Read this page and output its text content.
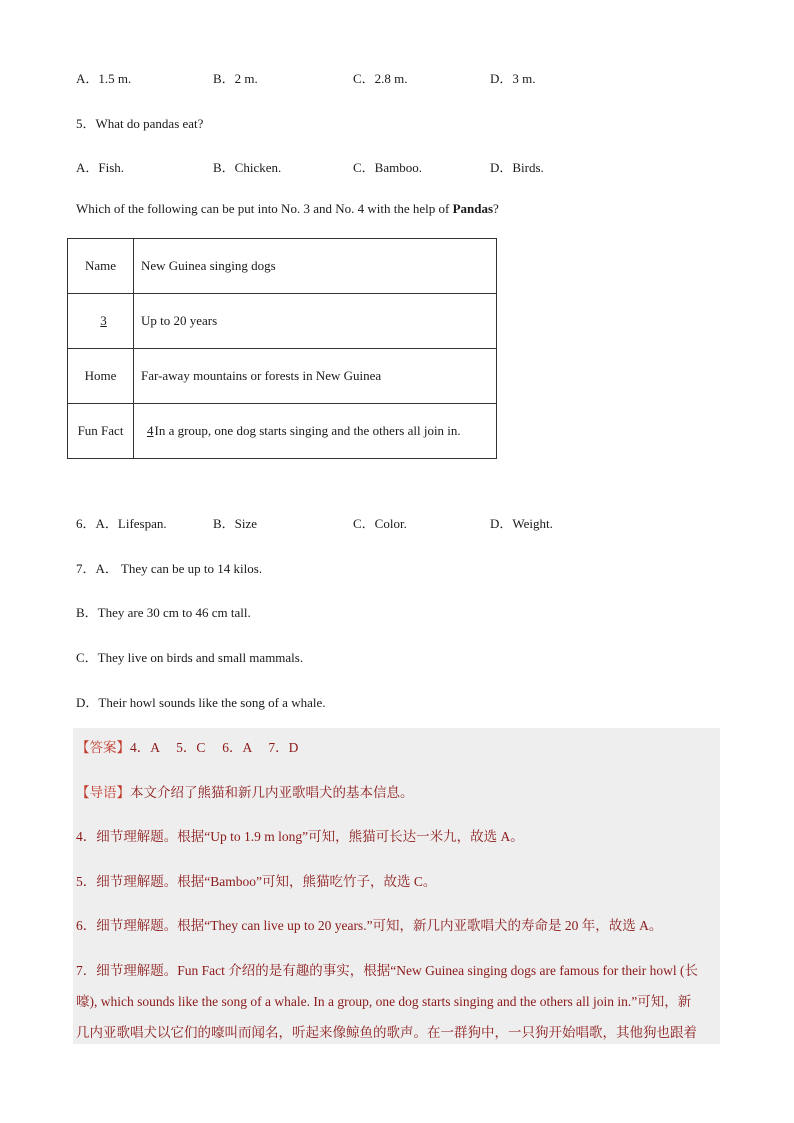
A．1.5 m.	B．2 m.	C．2.8 m.	D．3 m.
5．What do pandas eat?
A．Fish.	B．Chicken.	C．Bamboo.	D．Birds.
Which of the following can be put into No. 3 and No. 4 with the help of Pandas?
Name	New Guinea singing dogs
3	Up to 20 years
Home	Far-away mountains or forests in New Guinea
Fun Fact	4In a group, one dog starts singing and the others all join in.
6．A．Lifespan.	B．Size	C．Color.	D．Weight.
7．A． They can be up to 14 kilos.
B．They are 30 cm to 46 cm tall.
C．They live on birds and small mammals.
D．Their howl sounds like the song of a whale.
【答案】4．A　 5．C　 6．A　 7．D
【导语】本文介绍了熊猫和新几内亚歌唱犬的基本信息。
4．细节理解题。根据“Up to 1.9 m long”可知，熊猫可长达一米九，故选 A。
5．细节理解题。根据“Bamboo”可知，熊猫吃竹子，故选 C。
6．细节理解题。根据“They can live up to 20 years.”可知，新几内亚歌唱犬的寿命是 20 年，故选 A。
7．细节理解题。Fun Fact 介绍的是有趣的事实，根据“New Guinea singing dogs are famous for their howl (长
嚎), which sounds like the song of a whale. In a group, one dog starts singing and the others all join in.”可知，新
几内亚歌唱犬以它们的嚎叫而闻名，听起来像鲸鱼的歌声。在一群狗中，一只狗开始唱歌，其他狗也跟着
